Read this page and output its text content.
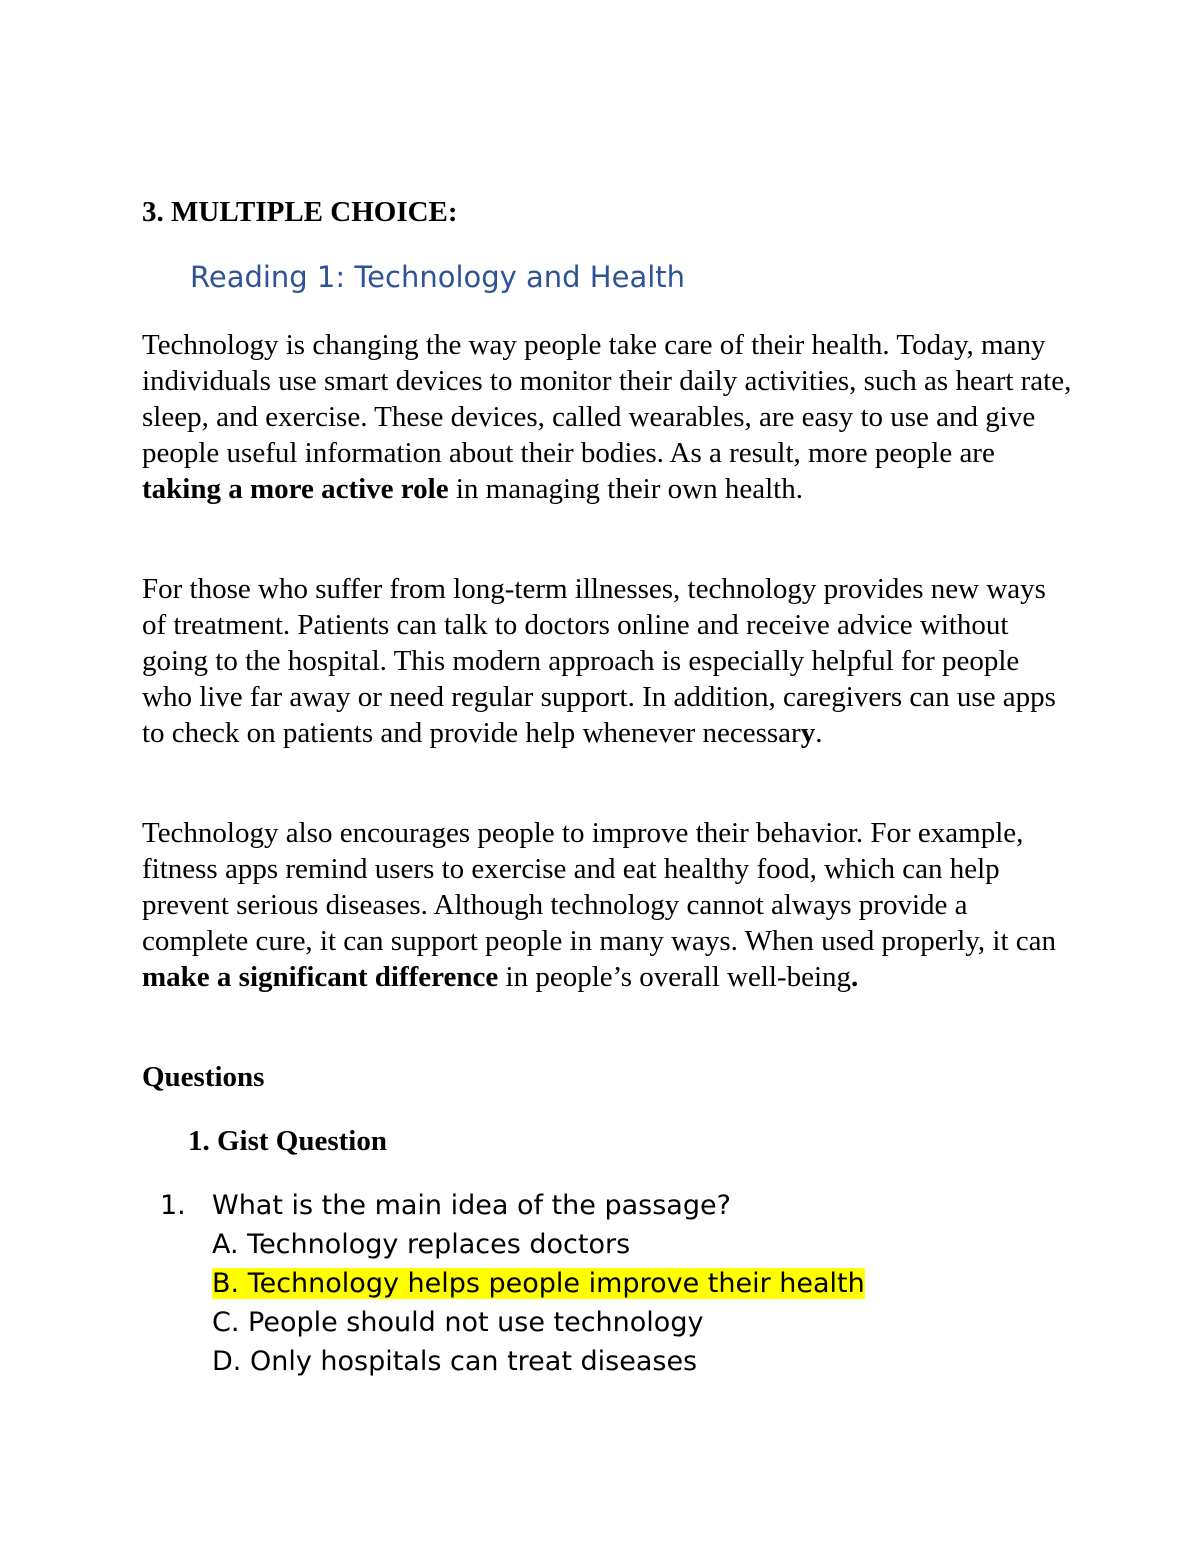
3. MULTIPLE CHOICE:
Reading 1: Technology and Health

Technology is changing the way people take care of their health. Today, many individuals use smart devices to monitor their daily activities, such as heart rate, sleep, and exercise. These devices, called wearables, are easy to use and give people useful information about their bodies. As a result, more people are taking a more active role in managing their own health.

For those who suffer from long-term illnesses, technology provides new ways of treatment. Patients can talk to doctors online and receive advice without going to the hospital. This modern approach is especially helpful for people who live far away or need regular support. In addition, caregivers can use apps to check on patients and provide help whenever necessary.

Technology also encourages people to improve their behavior. For example, fitness apps remind users to exercise and eat healthy food, which can help prevent serious diseases. Although technology cannot always provide a complete cure, it can support people in many ways. When used properly, it can make a significant difference in people’s overall well-being.

Questions
1. Gist Question
1. What is the main idea of the passage?
A. Technology replaces doctors
B. Technology helps people improve their health
C. People should not use technology
D. Only hospitals can treat diseases
